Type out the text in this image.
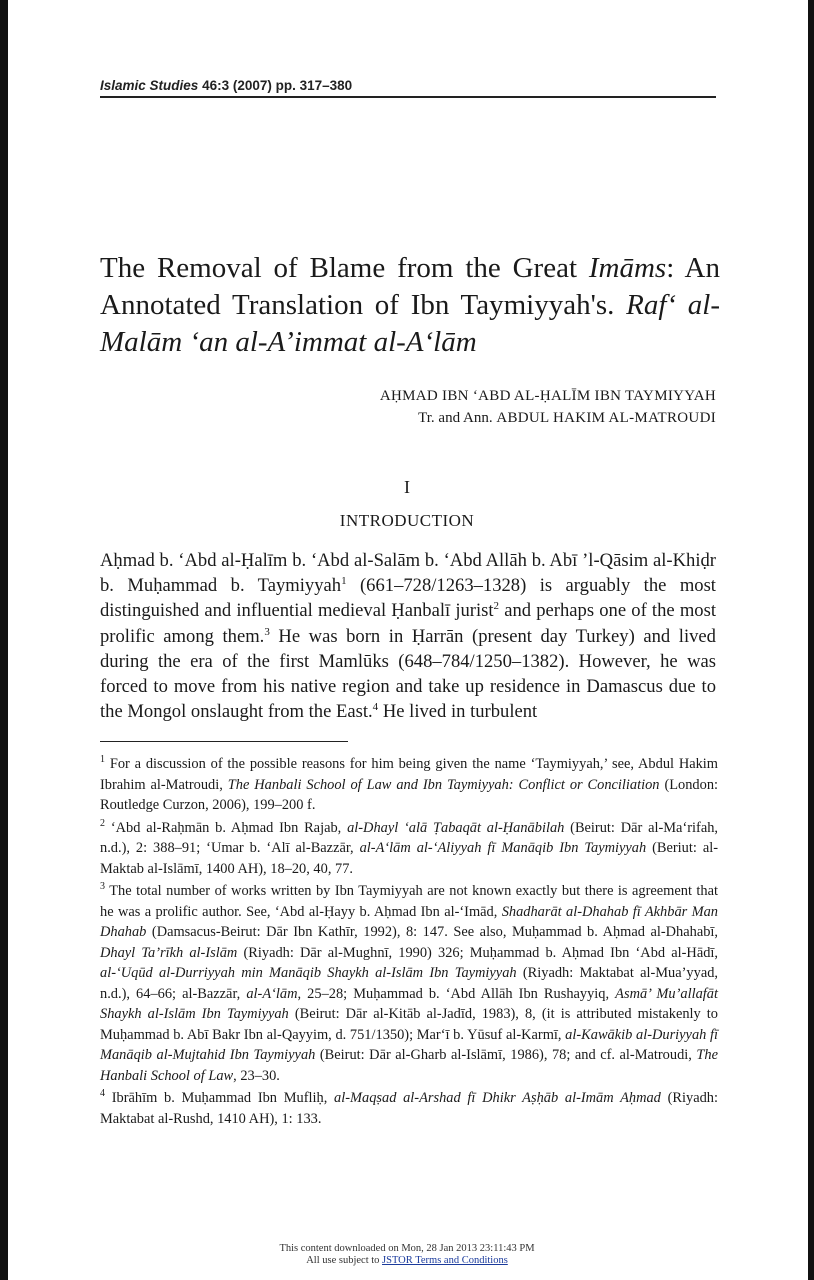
Islamic Studies 46:3 (2007) pp. 317–380
The Removal of Blame from the Great Imāms: An Annotated Translation of Ibn Taymiyyah's. Raf‘ al-Malām ‘an al-A’immat al-A‘lām
AḤMAD IBN ‘ABD AL-ḤALĪM IBN TAYMIYYAH
Tr. and Ann. ABDUL HAKIM AL-MATROUDI
I
INTRODUCTION

Aḥmad b. ‘Abd al-Ḥalīm b. ‘Abd al-Salām b. ‘Abd Allāh b. Abī ’l-Qāsim al-Khiḍr b. Muḥammad b. Taymiyyah$^1$ (661–728/1263–1328) is arguably the most distinguished and influential medieval Ḥanbalī jurist$^2$ and perhaps one of the most prolific among them.$^3$ He was born in Ḥarrān (present day Turkey) and lived during the era of the first Mamlūks (648–784/1250–1382). However, he was forced to move from his native region and take up residence in Damascus due to the Mongol onslaught from the East.$^4$ He lived in turbulent

$^1$ For a discussion of the possible reasons for him being given the name ‘Taymiyyah,’ see, Abdul Hakim Ibrahim al-Matroudi, The Hanbali School of Law and Ibn Taymiyyah: Conflict or Conciliation (London: Routledge Curzon, 2006), 199–200 f.

$^2$ ‘Abd al-Raḥmān b. Aḥmad Ibn Rajab, al-Dhayl ‘alā Ṭabaqāt al-Ḥanābilah (Beirut: Dār al-Ma‘rifah, n.d.), 2: 388–91; ‘Umar b. ‘Alī al-Bazzār, al-A‘lām al-‘Aliyyah fī Manāqib Ibn Taymiyyah (Beriut: al-Maktab al-Islāmī, 1400 AH), 18–20, 40, 77.

$^3$ The total number of works written by Ibn Taymiyyah are not known exactly but there is agreement that he was a prolific author. See, ‘Abd al-Ḥayy b. Aḥmad Ibn al-‘Imād, Shadharāt al-Dhahab fī Akhbār Man Dhahab (Damsacus-Beirut: Dār Ibn Kathīr, 1992), 8: 147. See also, Muḥammad b. Aḥmad al-Dhahabī, Dhayl Ta’rīkh al-Islām (Riyadh: Dār al-Mughnī, 1990) 326; Muḥammad b. Aḥmad Ibn ‘Abd al-Hādī, al-‘Uqūd al-Durriyyah min Manāqib Shaykh al-Islām Ibn Taymiyyah (Riyadh: Maktabat al-Mua’yyad, n.d.), 64–66; al-Bazzār, al-A‘lām, 25–28; Muḥammad b. ‘Abd Allāh Ibn Rushayyiq, Asmā’ Mu’allafāt Shaykh al-Islām Ibn Taymiyyah (Beirut: Dār al-Kitāb al-Jadīd, 1983), 8, (it is attributed mistakenly to Muḥammad b. Abī Bakr Ibn al-Qayyim, d. 751/1350); Mar‘ī b. Yūsuf al-Karmī, al-Kawākib al-Duriyyah fī Manāqib al-Mujtahid Ibn Taymiyyah (Beirut: Dār al-Gharb al-Islāmī, 1986), 78; and cf. al-Matroudi, The Hanbali School of Law, 23–30.

$^4$ Ibrāhīm b. Muḥammad Ibn Mufliḥ, al-Maqṣad al-Arshad fī Dhikr Aṣḥāb al-Imām Aḥmad (Riyadh: Maktabat al-Rushd, 1410 AH), 1: 133.

This content downloaded on Mon, 28 Jan 2013 23:11:43 PM
All use subject to JSTOR Terms and Conditions
